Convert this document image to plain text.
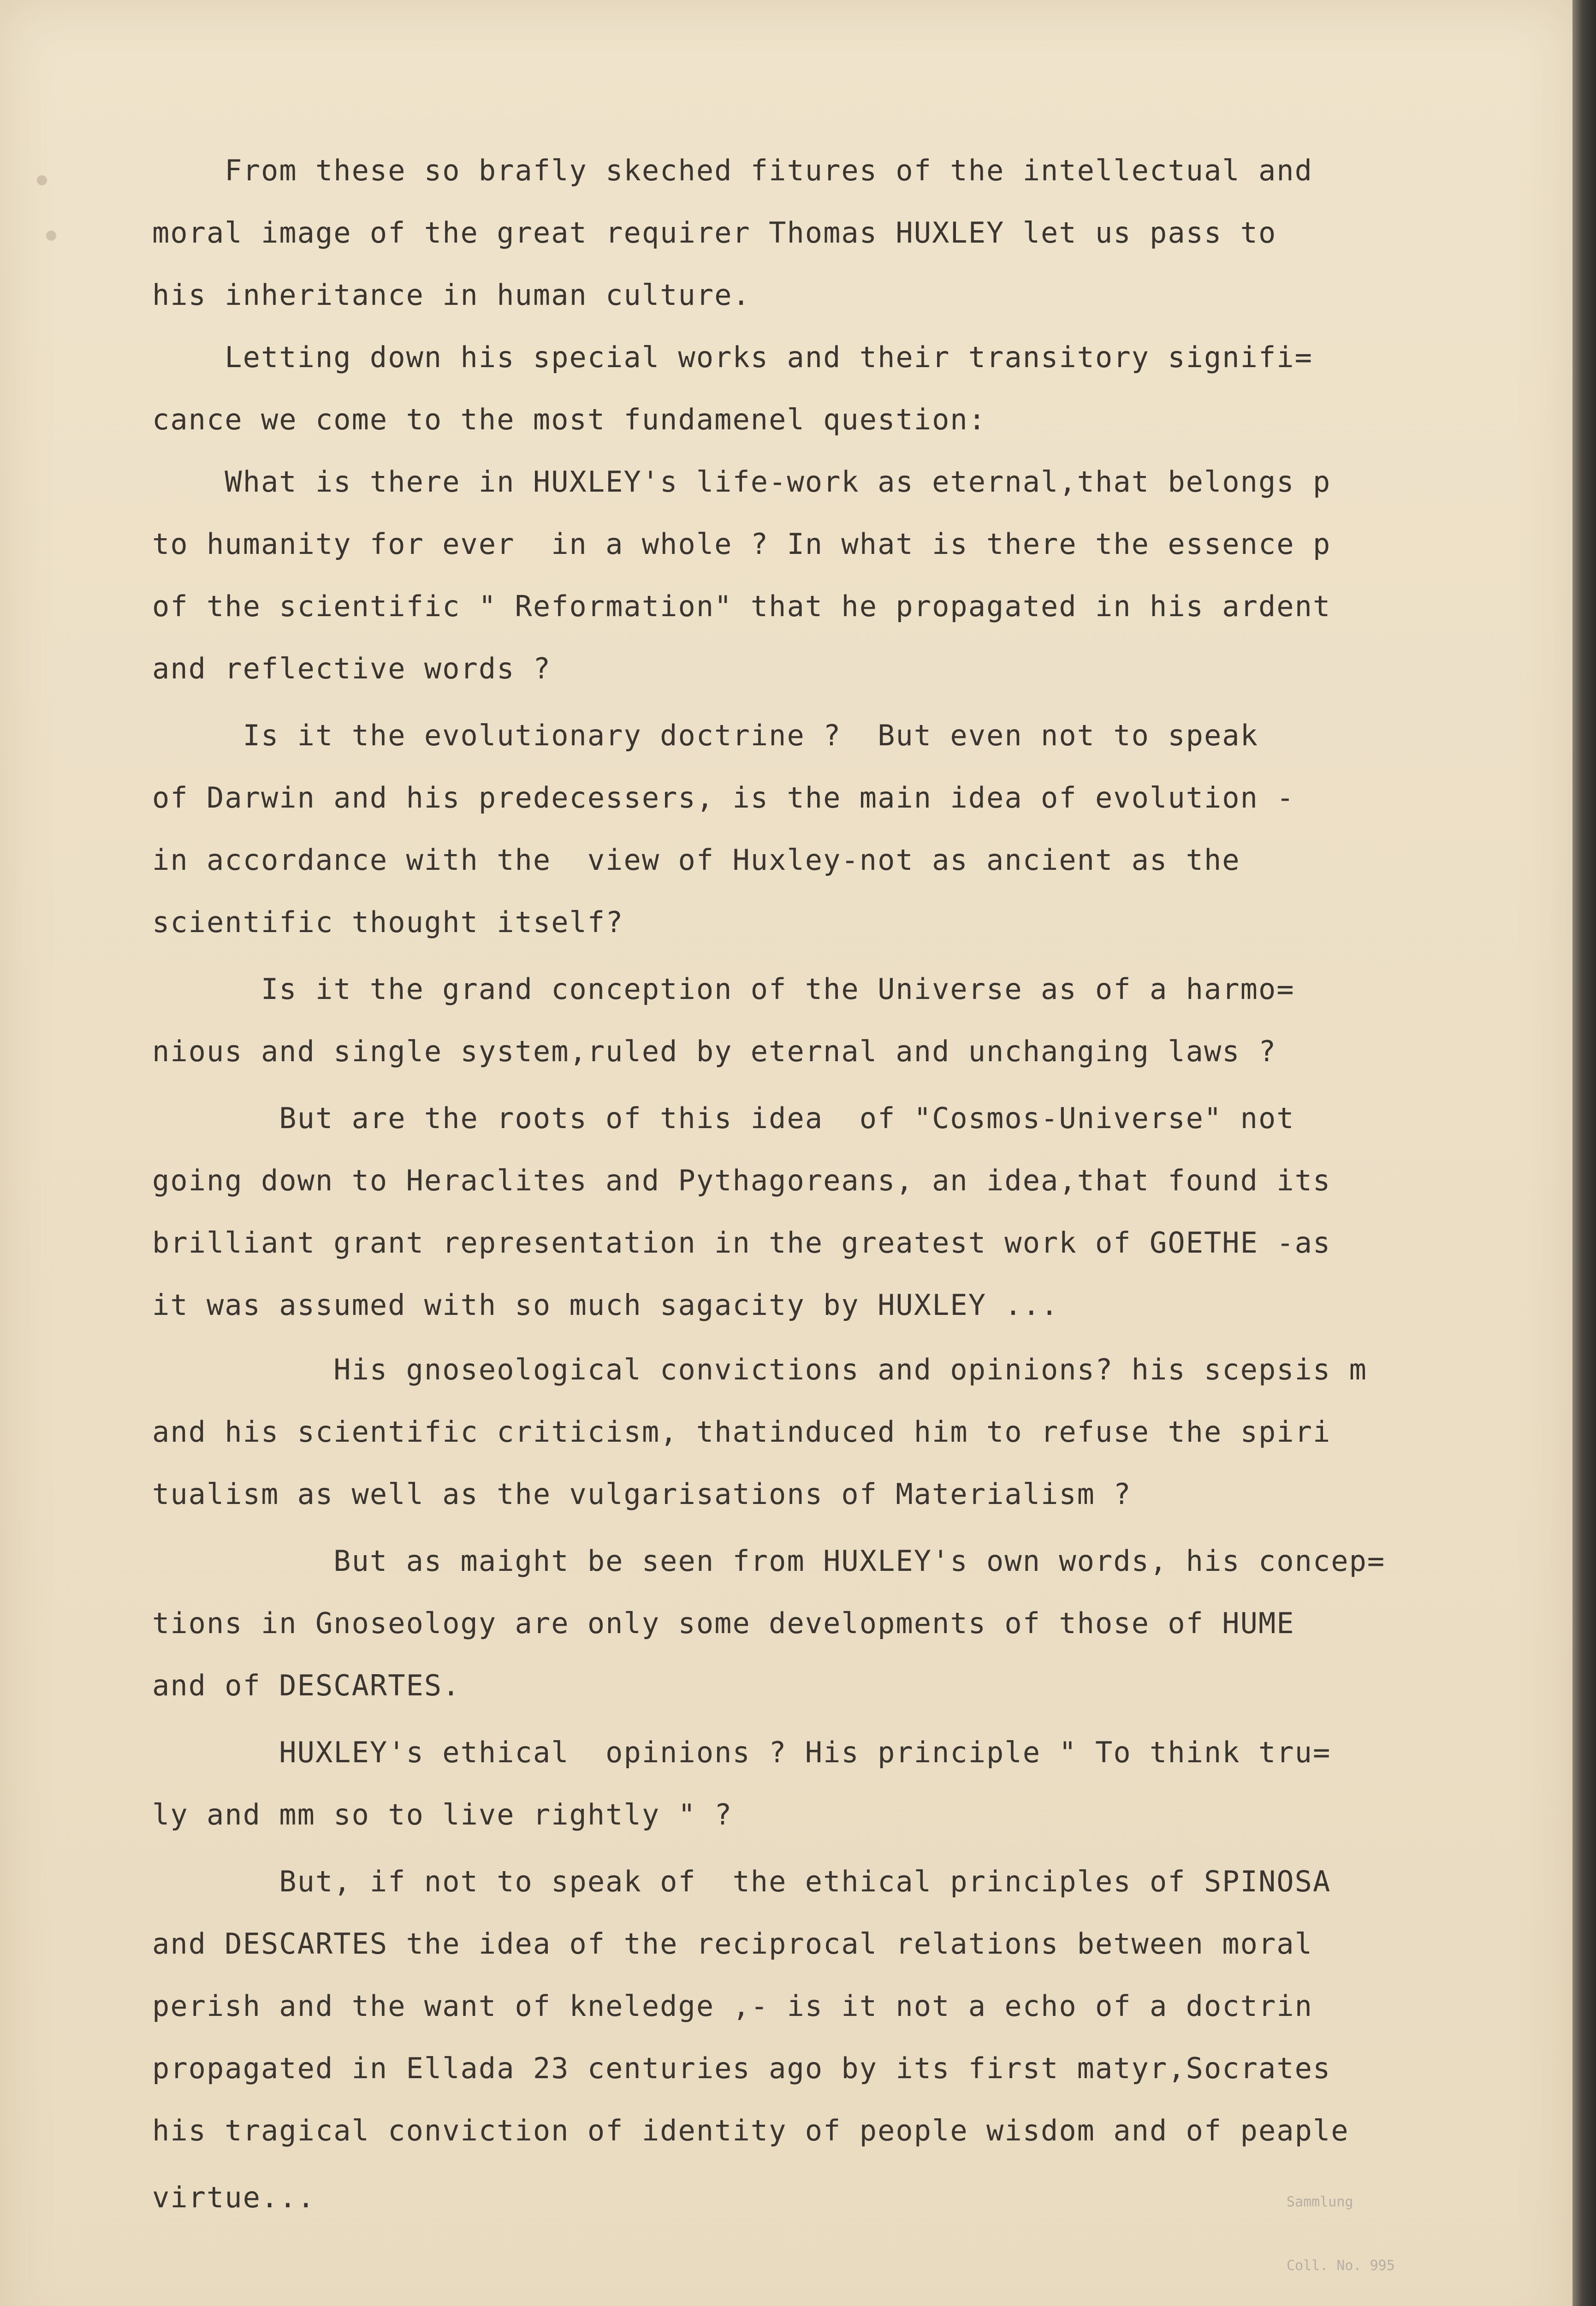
From these so brafly skeched fitures of the intellectual and
moral image of the great requirer Thomas HUXLEY let us pass to
his inheritance in human culture.
Letting down his special works and their transitory signifi=
cance we come to the most fundamenel question:
What is there in HUXLEY's life-work as eternal,that belongs p
to humanity for ever  in a whole ? In what is there the essence p
of the scientific " Reformation" that he propagated in his ardent
and reflective words ?
Is it the evolutionary doctrine ?  But even not to speak
of Darwin and his predecessers, is the main idea of evolution -
in accordance with the  view of Huxley-not as ancient as the
scientific thought itself?
Is it the grand conception of the Universe as of a harmo=
nious and single system,ruled by eternal and unchanging laws ?
But are the roots of this idea  of "Cosmos-Universe" not
going down to Heraclites and Pythagoreans, an idea,that found its
brilliant grant representation in the greatest work of GOETHE -as
it was assumed with so much sagacity by HUXLEY ...
His gnoseological convictions and opinions? his scepsis m
and his scientific criticism, thatinduced him to refuse the spiri
tualism as well as the vulgarisations of Materialism ?
But as maight be seen from HUXLEY's own words, his concep=
tions in Gnoseology are only some developments of those of HUME
and of DESCARTES.
HUXLEY's ethical  opinions ? His principle " To think tru=
ly and mm so to live rightly " ?
But, if not to speak of  the ethical principles of SPINOSA
and DESCARTES the idea of the reciprocal relations between moral
perish and the want of kneledge ,- is it not a echo of a doctrin
propagated in Ellada 23 centuries ago by its first matyr,Socrates
his tragical conviction of identity of people wisdom and of peaple
virtue...

	Sammlung

Coll. No. 995
